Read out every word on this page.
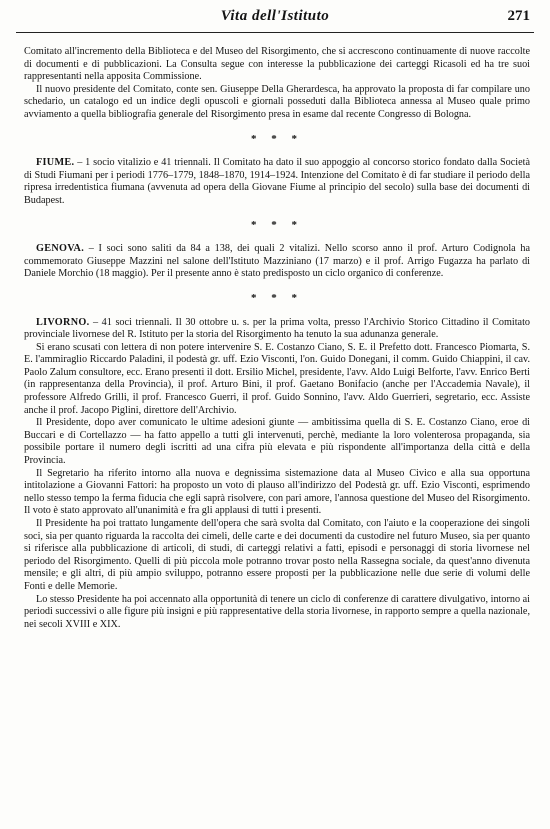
Vita dell'Istituto	271

Comitato all'incremento della Biblioteca e del Museo del Risorgimento, che si accrescono continuamente di nuove raccolte di documenti e di pubblicazioni. La Consulta segue con interesse la pubblicazione dei carteggi Ricasoli ed ha tre suoi rappresentanti nella apposita Commissione.

Il nuovo presidente del Comitato, conte sen. Giuseppe Della Gherardesca, ha approvato la proposta di far compilare uno schedario, un catalogo ed un indice degli opuscoli e giornali posseduti dalla Biblioteca annessa al Museo quale primo avviamento a quella bibliografia generale del Risorgimento presa in esame dal recente Congresso di Bologna.

* * *

FIUME. – 1 socio vitalizio e 41 triennali. Il Comitato ha dato il suo appoggio al concorso storico fondato dalla Società di Studi Fiumani per i periodi 1776–1779, 1848–1870, 1914–1924. Intenzione del Comitato è di far studiare il periodo della ripresa irredentistica fiumana (avvenuta ad opera della Giovane Fiume al principio del secolo) sulla base dei documenti di Budapest.

* * *

GENOVA. – I soci sono saliti da 84 a 138, dei quali 2 vitalizi. Nello scorso anno il prof. Arturo Codignola ha commemorato Giuseppe Mazzini nel salone dell'Istituto Mazziniano (17 marzo) e il prof. Arrigo Fugazza ha parlato di Daniele Morchio (18 maggio). Per il presente anno è stato predisposto un ciclo organico di conferenze.

* * *

LIVORNO. – 41 soci triennali. Il 30 ottobre u. s. per la prima volta, presso l'Archivio Storico Cittadino il Comitato provinciale livornese del R. Istituto per la storia del Risorgimento ha tenuto la sua adunanza generale.

Si erano scusati con lettera di non potere intervenire S. E. Costanzo Ciano, S. E. il Prefetto dott. Francesco Piomarta, S. E. l'ammiraglio Riccardo Paladini, il podestà gr. uff. Ezio Visconti, l'on. Guido Donegani, il comm. Guido Chiappini, il cav. Paolo Zalum consultore, ecc. Erano presenti il dott. Ersilio Michel, presidente, l'avv. Aldo Luigi Belforte, l'avv. Enrico Berti (in rappresentanza della Provincia), il prof. Arturo Bini, il prof. Gaetano Bonifacio (anche per l'Accademia Navale), il professore Alfredo Grilli, il prof. Francesco Guerri, il prof. Guido Sonnino, l'avv. Aldo Guerrieri, segretario, ecc. Assiste anche il prof. Jacopo Piglini, direttore dell'Archivio.

Il Presidente, dopo aver comunicato le ultime adesioni giunte — ambitissima quella di S. E. Costanzo Ciano, eroe di Buccari e di Cortellazzo — ha fatto appello a tutti gli intervenuti, perchè, mediante la loro volenterosa propaganda, sia possibile portare il numero degli iscritti ad una cifra più elevata e più rispondente all'importanza della città e della Provincia.

Il Segretario ha riferito intorno alla nuova e degnissima sistemazione data al Museo Civico e alla sua opportuna intitolazione a Giovanni Fattori: ha proposto un voto di plauso all'indirizzo del Podestà gr. uff. Ezio Visconti, esprimendo nello stesso tempo la ferma fiducia che egli saprà risolvere, con pari amore, l'annosa questione del Museo del Risorgimento. Il voto è stato approvato all'unanimità e fra gli applausi di tutti i presenti.

Il Presidente ha poi trattato lungamente dell'opera che sarà svolta dal Comitato, con l'aiuto e la cooperazione dei singoli soci, sia per quanto riguarda la raccolta dei cimeli, delle carte e dei documenti da custodire nel futuro Museo, sia per quanto si riferisce alla pubblicazione di articoli, di studi, di carteggi relativi a fatti, episodi e personaggi di storia livornese nel periodo del Risorgimento. Quelli di più piccola mole potranno trovar posto nella Rassegna sociale, da quest'anno divenuta mensile; e gli altri, di più ampio sviluppo, potranno essere proposti per la pubblicazione nelle due serie di volumi delle Fonti e delle Memorie.

Lo stesso Presidente ha poi accennato alla opportunità di tenere un ciclo di conferenze di carattere divulgativo, intorno ai periodi successivi o alle figure più insigni e più rappresentative della storia livornese, in rapporto sempre a quella nazionale, nei secoli XVIII e XIX.
